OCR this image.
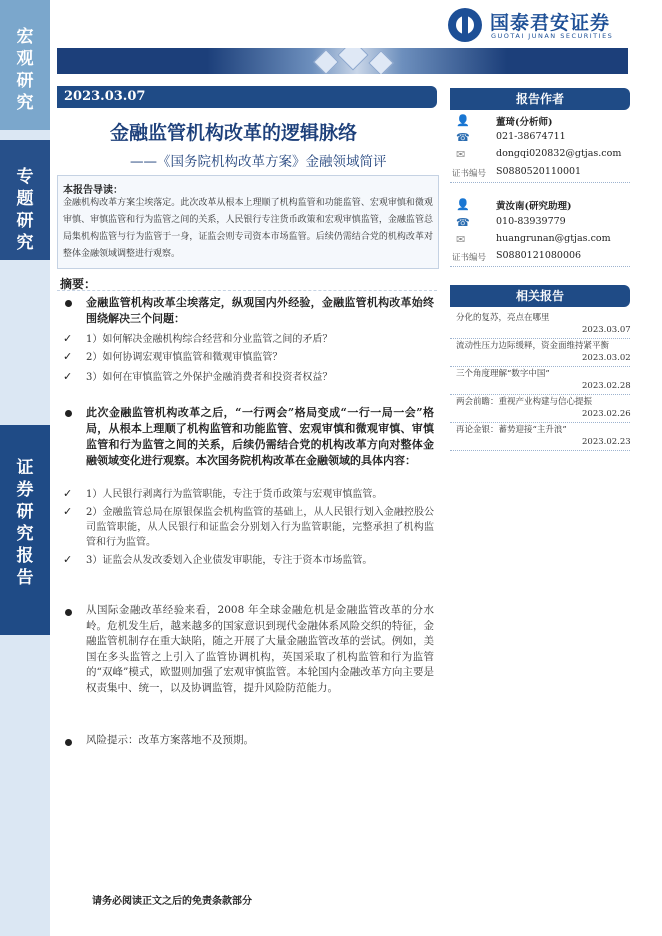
宏观研究
专题研究
证券研究报告
国泰君安证券
GUOTAI JUNAN SECURITIES
2023.03.07
金融监管机构改革的逻辑脉络
——《国务院机构改革方案》金融领域简评
本报告导读：
金融机构改革方案尘埃落定。此次改革从根本上理顺了机构监管和功能监管、宏观审慎和微观审慎、审慎监管和行为监管之间的关系，人民银行专注货币政策和宏观审慎监管，金融监管总局集机构监管与行为监管于一身，证监会则专司资本市场监管。后续仍需结合党的机构改革对整体金融领域调整进行观察。
摘要：
金融监管机构改革尘埃落定，纵观国内外经验，金融监管机构改革始终围绕解决三个问题：
✓ 1）如何解决金融机构综合经营和分业监管之间的矛盾？
✓ 2）如何协调宏观审慎监管和微观审慎监管？
✓ 3）如何在审慎监管之外保护金融消费者和投资者权益？
此次金融监管机构改革之后，“一行两会”格局变成“一行一局一会”格局，从根本上理顺了机构监管和功能监管、宏观审慎和微观审慎、审慎监管和行为监管之间的关系，后续仍需结合党的机构改革方向对整体金融领域变化进行观察。本次国务院机构改革在金融领域的具体内容：
✓ 1）人民银行剥离行为监管职能，专注于货币政策与宏观审慎监管。
✓ 2）金融监管总局在原银保监会机构监管的基础上，从人民银行划入金融控股公司监管职能，从人民银行和证监会分别划入行为监管职能，完整承担了机构监管和行为监管。
✓ 3）证监会从发改委划入企业债发审职能，专注于资本市场监管。
从国际金融改革经验来看，2008 年全球金融危机是金融监管改革的分水岭。危机发生后，越来越多的国家意识到现代金融体系风险交织的特征，金融监管机制存在重大缺陷，随之开展了大量金融监管改革的尝试。例如，美国在多头监管之上引入了监管协调机构，英国采取了机构监管和行为监管的“双峰”模式，欧盟则加强了宏观审慎监管。本轮国内金融改革方向主要是权责集中、统一，以及协调监管，提升风险防范能力。
风险提示：改革方案落地不及预期。
请务必阅读正文之后的免责条款部分
报告作者
👤	董琦(分析师)
☎	021-38674711
✉	dongqi020832@gtjas.com
证书编号 S0880520110001
👤	黄汝南(研究助理)
☎	010-83939779
✉	huangrunan@gtjas.com
证书编号 S0880121080006
相关报告
分化的复苏，亮点在哪里
2023.03.07
流动性压力边际缓释，资金面维持紧平衡
2023.03.02
三个角度理解“数字中国”
2023.02.28
两会前瞻：重视产业构建与信心提振
2023.02.26
再论金银：蓄势迎接“主升浪”
2023.02.23
